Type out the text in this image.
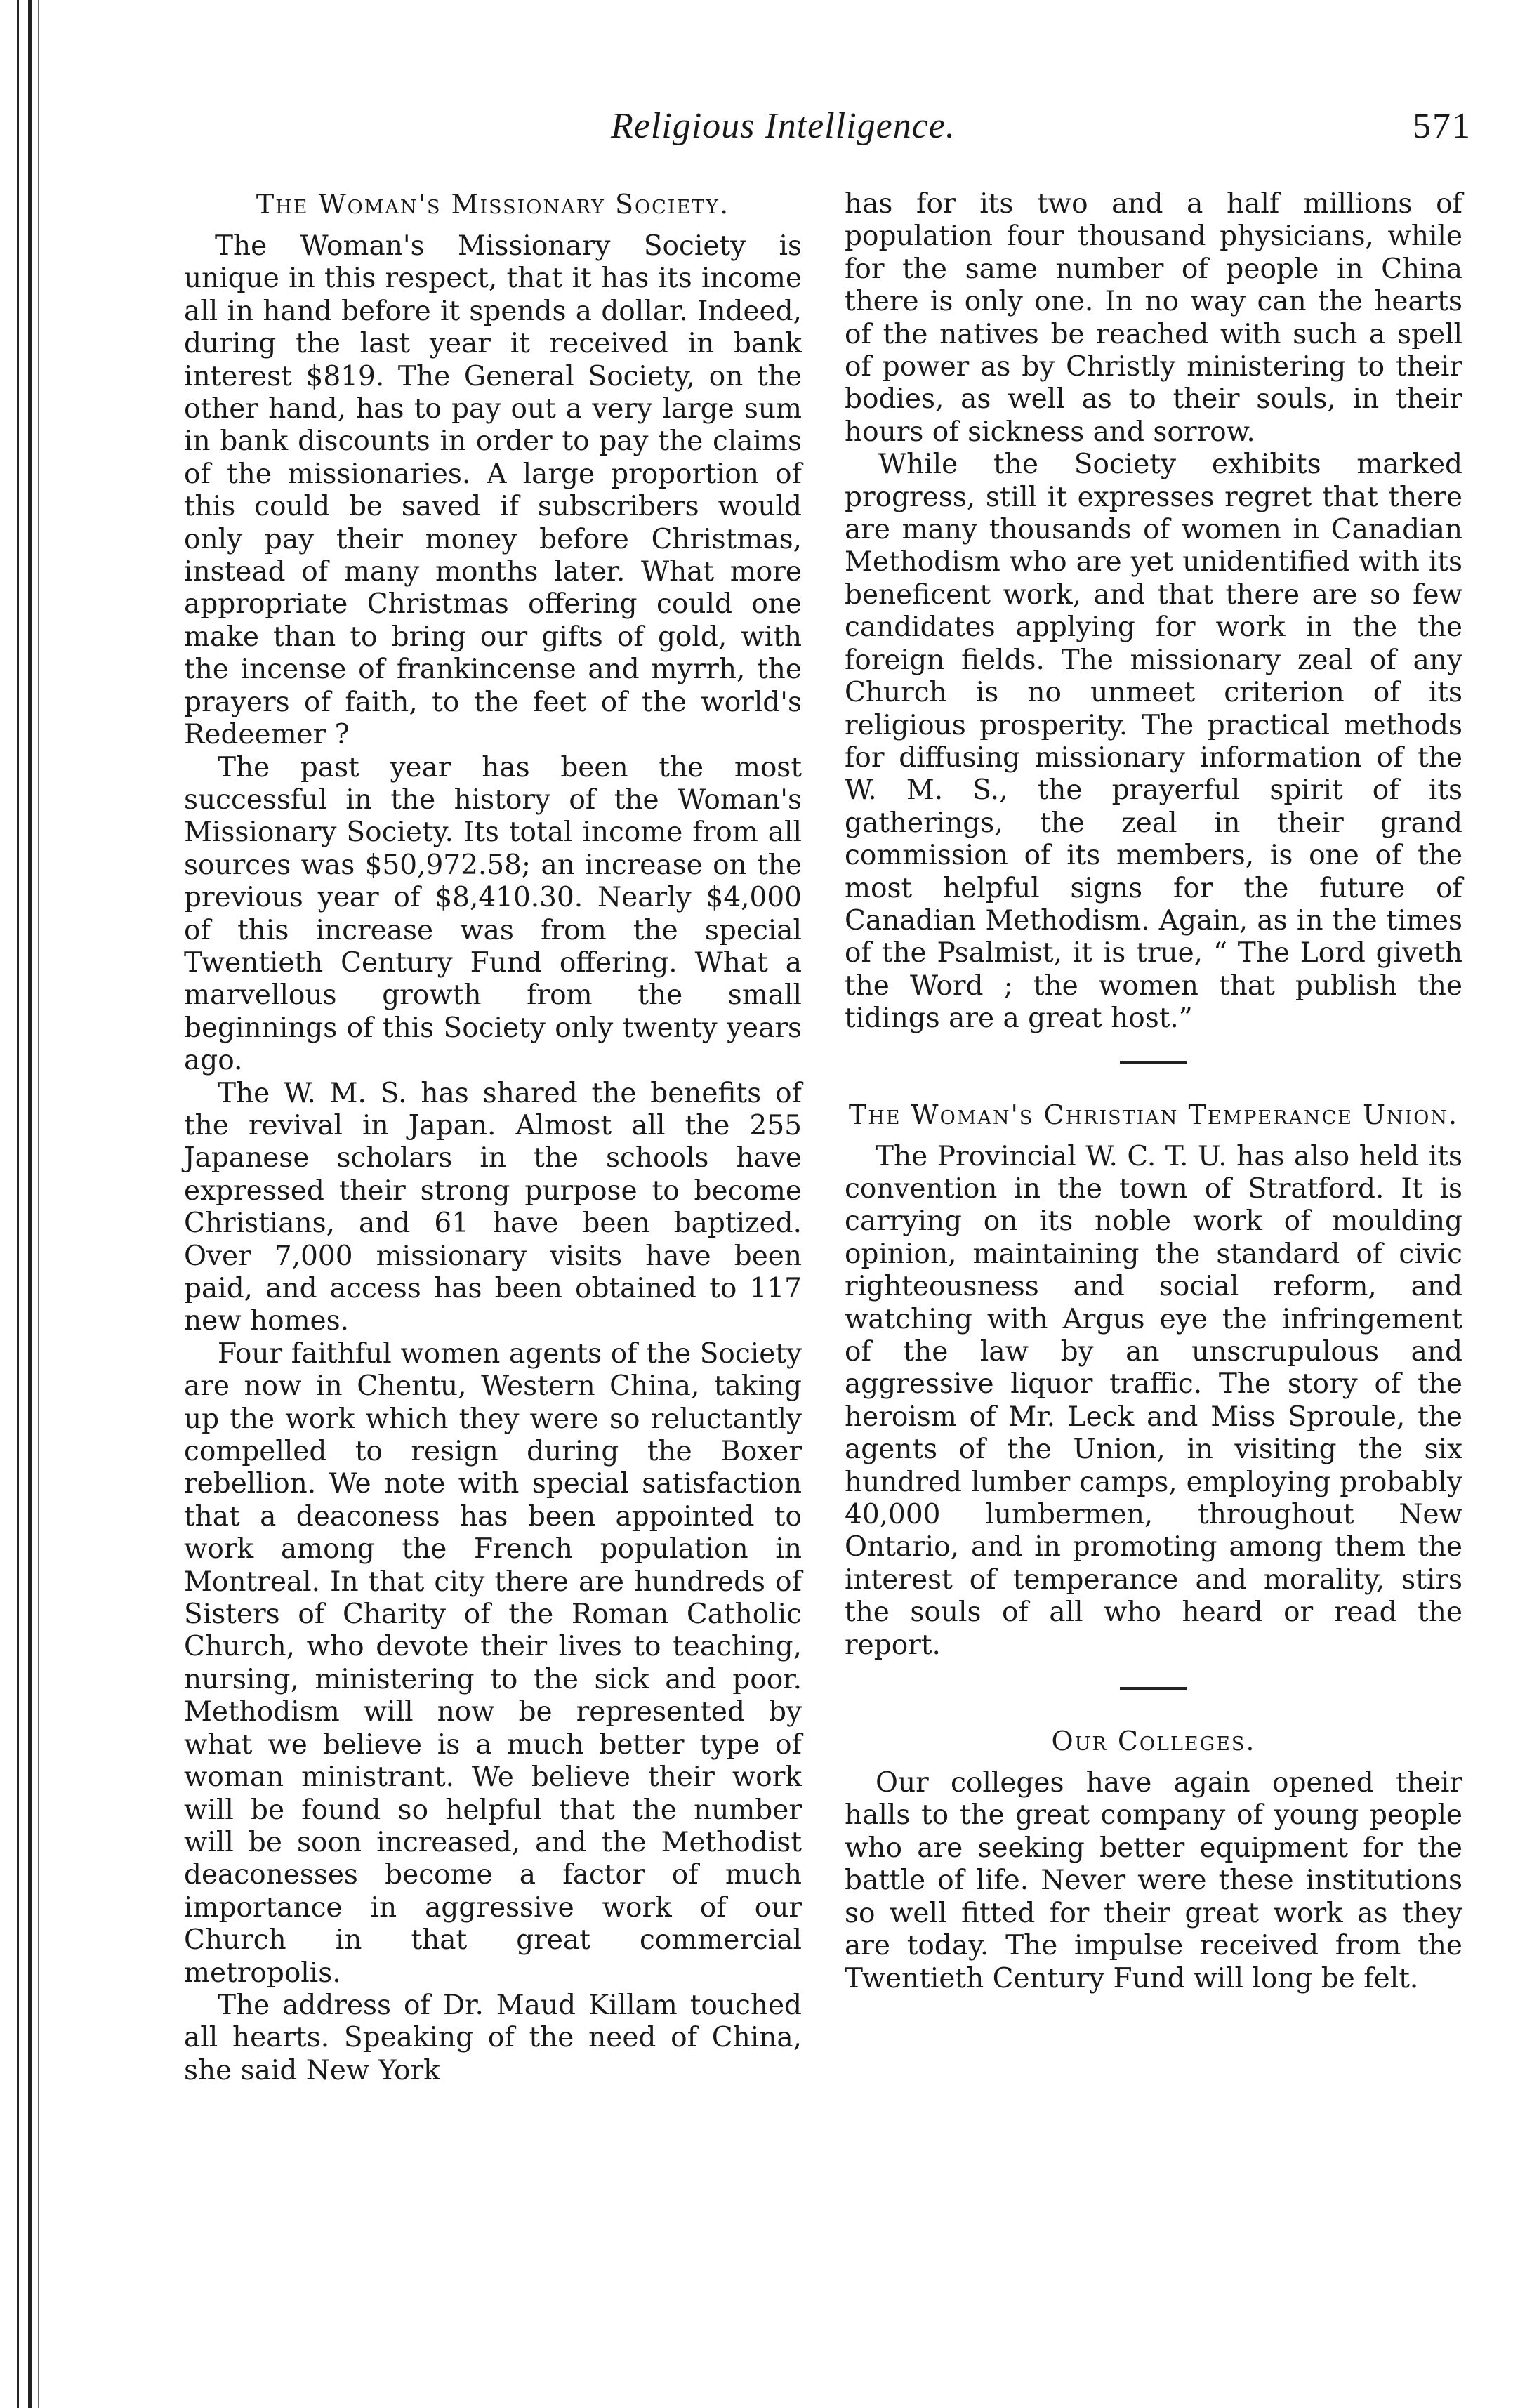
Religious Intelligence.	571
The Woman's Missionary Society.

The Woman's Missionary Society is unique in this respect, that it has its income all in hand before it spends a dollar. Indeed, during the last year it received in bank interest $819. The General Society, on the other hand, has to pay out a very large sum in bank discounts in order to pay the claims of the missionaries. A large proportion of this could be saved if subscribers would only pay their money before Christmas, instead of many months later. What more appropriate Christmas offering could one make than to bring our gifts of gold, with the incense of frankincense and myrrh, the prayers of faith, to the feet of the world's Redeemer ?

The past year has been the most successful in the history of the Woman's Missionary Society. Its total income from all sources was $50,972.58; an increase on the previous year of $8,410.30. Nearly $4,000 of this increase was from the special Twentieth Century Fund offering. What a marvellous growth from the small beginnings of this Society only twenty years ago.

The W. M. S. has shared the benefits of the revival in Japan. Almost all the 255 Japanese scholars in the schools have expressed their strong purpose to become Christians, and 61 have been baptized. Over 7,000 missionary visits have been paid, and access has been obtained to 117 new homes.

Four faithful women agents of the Society are now in Chentu, Western China, taking up the work which they were so reluctantly compelled to resign during the Boxer rebellion. We note with special satisfaction that a deaconess has been appointed to work among the French population in Montreal. In that city there are hundreds of Sisters of Charity of the Roman Catholic Church, who devote their lives to teaching, nursing, ministering to the sick and poor. Methodism will now be represented by what we believe is a much better type of woman ministrant. We believe their work will be found so helpful that the number will be soon increased, and the Methodist deaconesses become a factor of much importance in aggressive work of our Church in that great commercial metropolis.

The address of Dr. Maud Killam touched all hearts. Speaking of the need of China, she said New York

has for its two and a half millions of population four thousand physicians, while for the same number of people in China there is only one. In no way can the hearts of the natives be reached with such a spell of power as by Christly ministering to their bodies, as well as to their souls, in their hours of sickness and sorrow.

While the Society exhibits marked progress, still it expresses regret that there are many thousands of women in Canadian Methodism who are yet unidentified with its beneficent work, and that there are so few candidates applying for work in the the foreign fields. The missionary zeal of any Church is no unmeet criterion of its religious prosperity. The practical methods for diffusing missionary information of the W. M. S., the prayerful spirit of its gatherings, the zeal in their grand commission of its members, is one of the most helpful signs for the future of Canadian Methodism. Again, as in the times of the Psalmist, it is true, “ The Lord giveth the Word ; the women that publish the tidings are a great host.”

The Woman's Christian Temperance Union.

The Provincial W. C. T. U. has also held its convention in the town of Stratford. It is carrying on its noble work of moulding opinion, maintaining the standard of civic righteousness and social reform, and watching with Argus eye the infringement of the law by an unscrupulous and aggressive liquor traffic. The story of the heroism of Mr. Leck and Miss Sproule, the agents of the Union, in visiting the six hundred lumber camps, employing probably 40,000 lumbermen, throughout New Ontario, and in promoting among them the interest of temperance and morality, stirs the souls of all who heard or read the report.

Our Colleges.

Our colleges have again opened their halls to the great company of young people who are seeking better equipment for the battle of life. Never were these institutions so well fitted for their great work as they are today. The impulse received from the Twentieth Century Fund will long be felt.
